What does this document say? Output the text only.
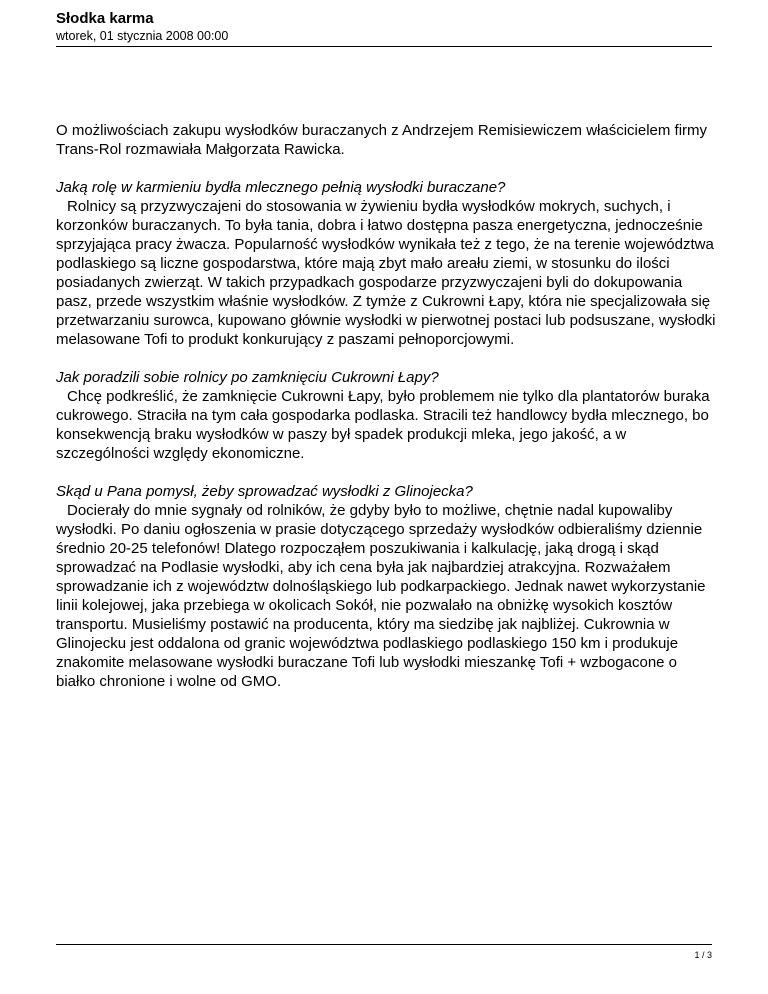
Słodka karma

wtorek, 01 stycznia 2008 00:00

O możliwościach zakupu wysłodków buraczanych z Andrzejem Remisiewiczem właścicielem firmy Trans-Rol rozmawiała Małgorzata Rawicka.

Jaką rolę w karmieniu bydła mlecznego pełnią wysłodki buraczane?

Rolnicy są przyzwyczajeni do stosowania w żywieniu bydła wysłodków mokrych, suchych, i korzonków buraczanych. To była tania, dobra i łatwo dostępna pasza energetyczna, jednocześnie sprzyjająca pracy żwacza. Popularność wysłodków wynikała też z tego, że na terenie województwa podlaskiego są liczne gospodarstwa, które mają zbyt mało areału ziemi, w stosunku do ilości posiadanych zwierząt. W takich przypadkach gospodarze przyzwyczajeni byli do dokupowania pasz, przede wszystkim właśnie wysłodków. Z tymże z Cukrowni Łapy, która nie specjalizowała się przetwarzaniu surowca, kupowano głównie wysłodki w pierwotnej postaci lub podsuszane, wysłodki melasowane Tofi to produkt konkurujący z paszami pełnoporcjowymi.

Jak poradzili sobie rolnicy po zamknięciu Cukrowni Łapy?

Chcę podkreślić, że zamknięcie Cukrowni Łapy, było problemem nie tylko dla plantatorów buraka cukrowego. Straciła na tym cała gospodarka podlaska. Stracili też handlowcy bydła mlecznego, bo konsekwencją braku wysłodków w paszy był spadek produkcji mleka, jego jakość, a w szczególności względy ekonomiczne.

Skąd u Pana pomysł, żeby sprowadzać wysłodki z Glinojecka?

Docierały do mnie sygnały od rolników, że gdyby było to możliwe, chętnie nadal kupowaliby wysłodki. Po daniu ogłoszenia w prasie dotyczącego sprzedaży wysłodków odbieraliśmy dziennie średnio 20-25 telefonów! Dlatego rozpocząłem poszukiwania i kalkulację, jaką drogą i skąd sprowadzać na Podlasie wysłodki, aby ich cena była jak najbardziej atrakcyjna. Rozważałem sprowadzanie ich z województw dolnośląskiego lub podkarpackiego. Jednak nawet wykorzystanie linii kolejowej, jaka przebiega w okolicach Sokół, nie pozwalało na obniżkę wysokich kosztów transportu. Musieliśmy postawić na producenta, który ma siedzibę jak najbliżej. Cukrownia w Glinojecku jest oddalona od granic województwa podlaskiego podlaskiego 150 km i produkuje znakomite melasowane wysłodki buraczane Tofi lub wysłodki mieszankę Tofi + wzbogacone o białko chronione i wolne od GMO.

1 / 3
